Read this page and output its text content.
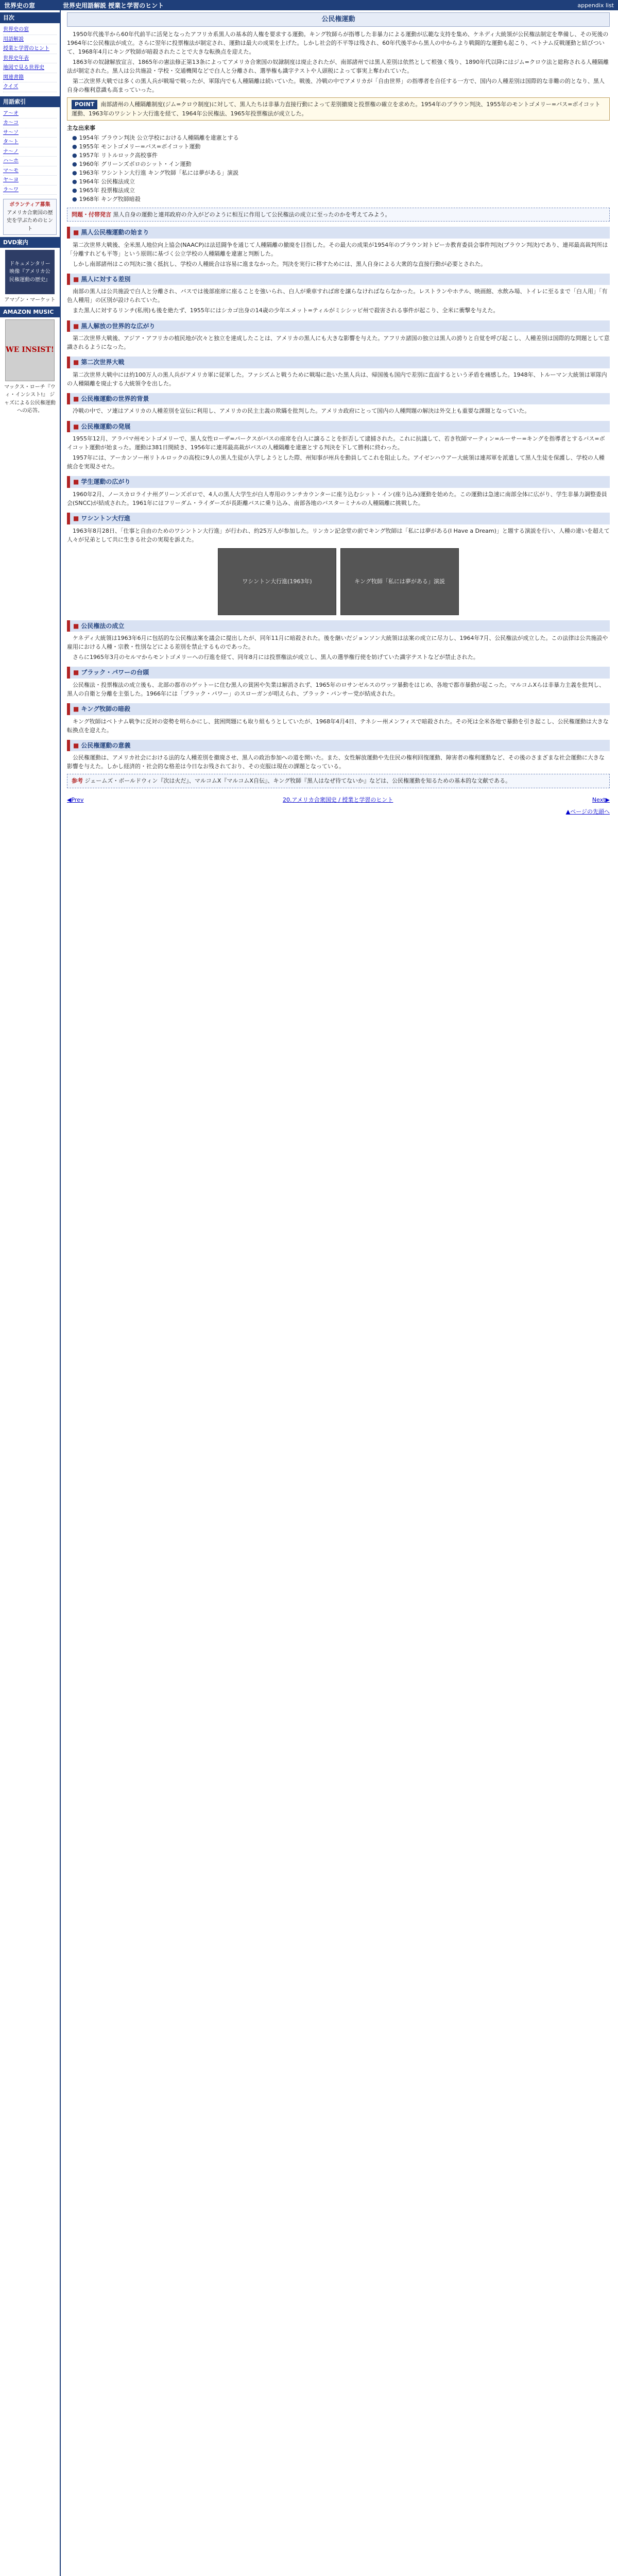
世界史の窓	世界史用語解説 授業と学習のヒント	appendix list
目次
世界史の窓
用語解説
授業と学習のヒント
世界史年表
地図で見る世界史
関連書籍
クイズ
用語索引
ア〜オ
カ〜コ
サ〜ソ
タ〜ト
ナ〜ノ
ハ〜ホ
マ〜モ
ヤ〜ヨ
ラ〜ワ
ボランティア募集
アメリカ合衆国の歴史を学ぶためのヒント
DVD案内
ドキュメンタリー映像『アメリカ公民権運動の歴史』
アマゾン・マーケット
AMAZON MUSIC
WE INSIST!
マックス・ローチ『ウィ・インシスト!』 ジャズによる公民権運動への応答。
公民権運動

1950年代後半から60年代前半に活発となったアフリカ系黒人の基本的人権を要求する運動。キング牧師らが指導した非暴力による運動が広範な支持を集め、ケネディ大統領が公民権法制定を準備し、その死後の1964年に公民権法が成立。さらに翌年に投票権法が制定され、運動は最大の成果を上げた。しかし社会的不平等は残され、60年代後半から黒人の中からより戦闘的な運動も起こり、ベトナム反戦運動と結びついて、1968年4月にキング牧師が暗殺されたことで大きな転換点を迎えた。

1863年の奴隷解放宣言、1865年の憲法修正第13条によってアメリカ合衆国の奴隷制度は廃止されたが、南部諸州では黒人差別は依然として根強く残り、1890年代以降にはジム=クロウ法と総称される人種隔離法が制定された。黒人は公共施設・学校・交通機関などで白人と分離され、選挙権も識字テストや人頭税によって事実上奪われていた。

第二次世界大戦では多くの黒人兵が戦場で戦ったが、軍隊内でも人種隔離は続いていた。戦後、冷戦の中でアメリカが「自由世界」の指導者を自任する一方で、国内の人種差別は国際的な非難の的となり、黒人自身の権利意識も高まっていった。

POINT 南部諸州の人種隔離制度(ジム=クロウ制度)に対して、黒人たちは非暴力直接行動によって差別撤廃と投票権の確立を求めた。1954年のブラウン判決、1955年のモントゴメリー=バス=ボイコット運動、1963年のワシントン大行進を経て、1964年公民権法、1965年投票権法が成立した。
主な出来事
● 1954年 ブラウン判決 公立学校における人種隔離を違憲とする
● 1955年 モントゴメリー=バス=ボイコット運動
● 1957年 リトルロック高校事件
● 1960年 グリーンズボロのシット・イン運動
● 1963年 ワシントン大行進 キング牧師「私には夢がある」演説
● 1964年 公民権法成立
● 1965年 投票権法成立
● 1968年 キング牧師暗殺
問題・付帯発言 黒人自身の運動と連邦政府の介入がどのように相互に作用して公民権法の成立に至ったのかを考えてみよう。
■ 黒人公民権運動の始まり

第二次世界大戦後、全米黒人地位向上協会(NAACP)は法廷闘争を通じて人種隔離の撤廃を目指した。その最大の成果が1954年のブラウン対トピーカ教育委員会事件判決(ブラウン判決)であり、連邦最高裁判所は「分離すれども平等」という原則に基づく公立学校の人種隔離を違憲と判断した。

しかし南部諸州はこの判決に強く抵抗し、学校の人種統合は容易に進まなかった。判決を実行に移すためには、黒人自身による大衆的な直接行動が必要とされた。

■ 黒人に対する差別

南部の黒人は公共施設で白人と分離され、バスでは後部座席に座ることを強いられ、白人が乗車すれば席を譲らなければならなかった。レストランやホテル、映画館、水飲み場、トイレに至るまで「白人用」「有色人種用」の区別が設けられていた。

また黒人に対するリンチ(私刑)も後を絶たず、1955年にはシカゴ出身の14歳の少年エメット=ティルがミシシッピ州で殺害される事件が起こり、全米に衝撃を与えた。

■ 黒人解放の世界的な広がり

第二次世界大戦後、アジア・アフリカの植民地が次々と独立を達成したことは、アメリカの黒人にも大きな影響を与えた。アフリカ諸国の独立は黒人の誇りと自覚を呼び起こし、人種差別は国際的な問題として意識されるようになった。

■ 第二次世界大戦

第二次世界大戦中には約100万人の黒人兵がアメリカ軍に従軍した。ファシズムと戦うために戦場に赴いた黒人兵は、帰国後も国内で差別に直面するという矛盾を痛感した。1948年、トルーマン大統領は軍隊内の人種隔離を廃止する大統領令を出した。

■ 公民権運動の世界的背景

冷戦の中で、ソ連はアメリカの人種差別を宣伝に利用し、アメリカの民主主義の欺瞞を批判した。アメリカ政府にとって国内の人種問題の解決は外交上も重要な課題となっていた。

■ 公民権運動の発展

1955年12月、アラバマ州モントゴメリーで、黒人女性ローザ=パークスがバスの座席を白人に譲ることを拒否して逮捕された。これに抗議して、若き牧師マーティン=ルーサー=キングを指導者とするバス=ボイコット運動が始まった。運動は381日間続き、1956年に連邦最高裁がバスの人種隔離を違憲とする判決を下して勝利に終わった。

1957年には、アーカンソー州リトルロックの高校に9人の黒人生徒が入学しようとした際、州知事が州兵を動員してこれを阻止した。アイゼンハウアー大統領は連邦軍を派遣して黒人生徒を保護し、学校の人種統合を実現させた。

■ 学生運動の広がり

1960年2月、ノースカロライナ州グリーンズボロで、4人の黒人大学生が白人専用のランチカウンターに座り込むシット・イン(座り込み)運動を始めた。この運動は急速に南部全体に広がり、学生非暴力調整委員会(SNCC)が結成された。1961年にはフリーダム・ライダーズが長距離バスに乗り込み、南部各地のバスターミナルの人種隔離に挑戦した。

■ ワシントン大行進

1963年8月28日、「仕事と自由のためのワシントン大行進」が行われ、約25万人が参加した。リンカン記念堂の前でキング牧師は「私には夢がある(I Have a Dream)」と題する演説を行い、人種の違いを超えて人々が兄弟として共に生きる社会の実現を訴えた。

ワシントン大行進(1963年)	キング牧師「私には夢がある」演説
■ 公民権法の成立

ケネディ大統領は1963年6月に包括的な公民権法案を議会に提出したが、同年11月に暗殺された。後を継いだジョンソン大統領は法案の成立に尽力し、1964年7月、公民権法が成立した。この法律は公共施設や雇用における人種・宗教・性別などによる差別を禁止するものであった。

さらに1965年3月のセルマからモントゴメリーへの行進を経て、同年8月には投票権法が成立し、黒人の選挙権行使を妨げていた識字テストなどが禁止された。

■ ブラック・パワーの台頭

公民権法・投票権法の成立後も、北部の都市のゲットーに住む黒人の貧困や失業は解消されず、1965年のロサンゼルスのワッツ暴動をはじめ、各地で都市暴動が起こった。マルコムXらは非暴力主義を批判し、黒人の自衛と分離を主張した。1966年には「ブラック・パワー」のスローガンが唱えられ、ブラック・パンサー党が結成された。

■ キング牧師の暗殺

キング牧師はベトナム戦争に反対の姿勢を明らかにし、貧困問題にも取り組もうとしていたが、1968年4月4日、テネシー州メンフィスで暗殺された。その死は全米各地で暴動を引き起こし、公民権運動は大きな転換点を迎えた。

■ 公民権運動の意義

公民権運動は、アメリカ社会における法的な人種差別を撤廃させ、黒人の政治参加への道を開いた。また、女性解放運動や先住民の権利回復運動、障害者の権利運動など、その後のさまざまな社会運動に大きな影響を与えた。しかし経済的・社会的な格差は今日なお残されており、その克服は現在の課題となっている。

参考 ジェームズ・ボールドウィン『次は火だ』、マルコムX『マルコムX自伝』、キング牧師『黒人はなぜ待てないか』などは、公民権運動を知るための基本的な文献である。
◀Prev	20.アメリカ合衆国史 / 授業と学習のヒント	Next▶
▲ページの先頭へ
